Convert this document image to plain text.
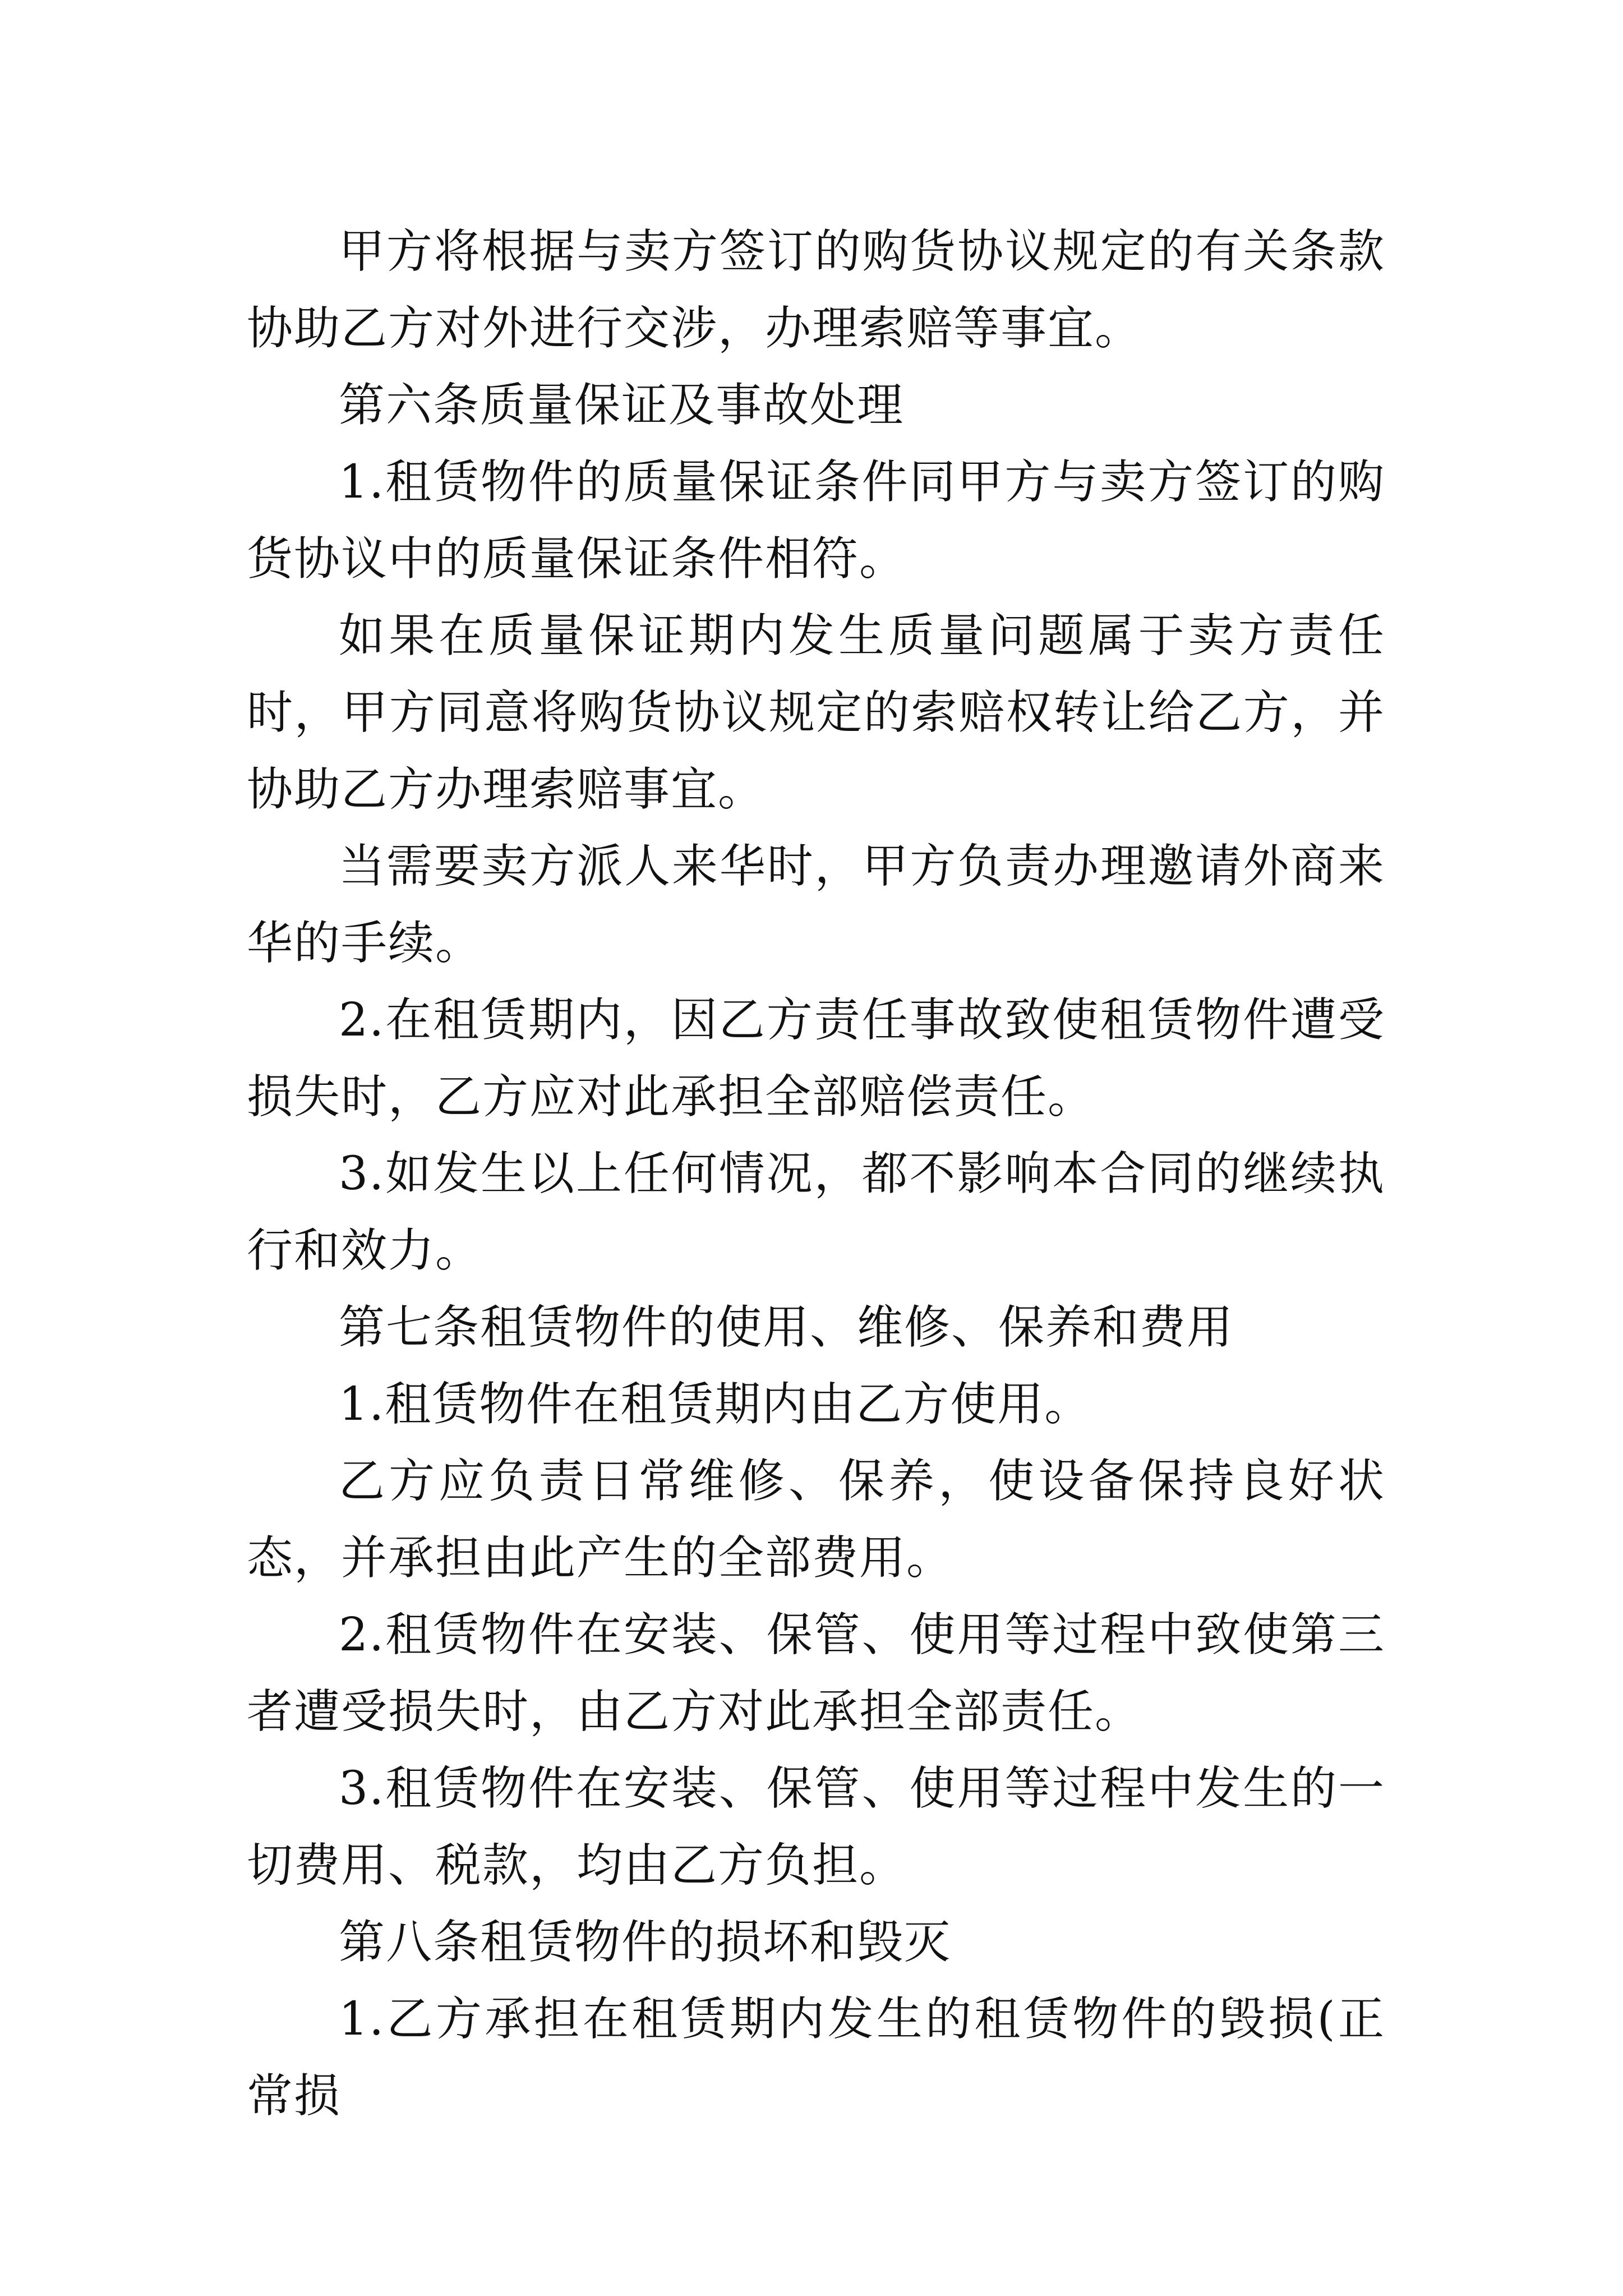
甲方将根据与卖方签订的购货协议规定的有关条款协助乙方对外进行交涉，办理索赔等事宜。

第六条质量保证及事故处理

1.租赁物件的质量保证条件同甲方与卖方签订的购货协议中的质量保证条件相符。

如果在质量保证期内发生质量问题属于卖方责任时，甲方同意将购货协议规定的索赔权转让给乙方，并协助乙方办理索赔事宜。

当需要卖方派人来华时，甲方负责办理邀请外商来华的手续。

2.在租赁期内，因乙方责任事故致使租赁物件遭受损失时，乙方应对此承担全部赔偿责任。

3.如发生以上任何情况，都不影响本合同的继续执行和效力。

第七条租赁物件的使用、维修、保养和费用

1.租赁物件在租赁期内由乙方使用。

乙方应负责日常维修、保养，使设备保持良好状态，并承担由此产生的全部费用。

2.租赁物件在安装、保管、使用等过程中致使第三者遭受损失时，由乙方对此承担全部责任。

3.租赁物件在安装、保管、使用等过程中发生的一切费用、税款，均由乙方负担。

第八条租赁物件的损坏和毁灭

1.乙方承担在租赁期内发生的租赁物件的毁损(正常损
